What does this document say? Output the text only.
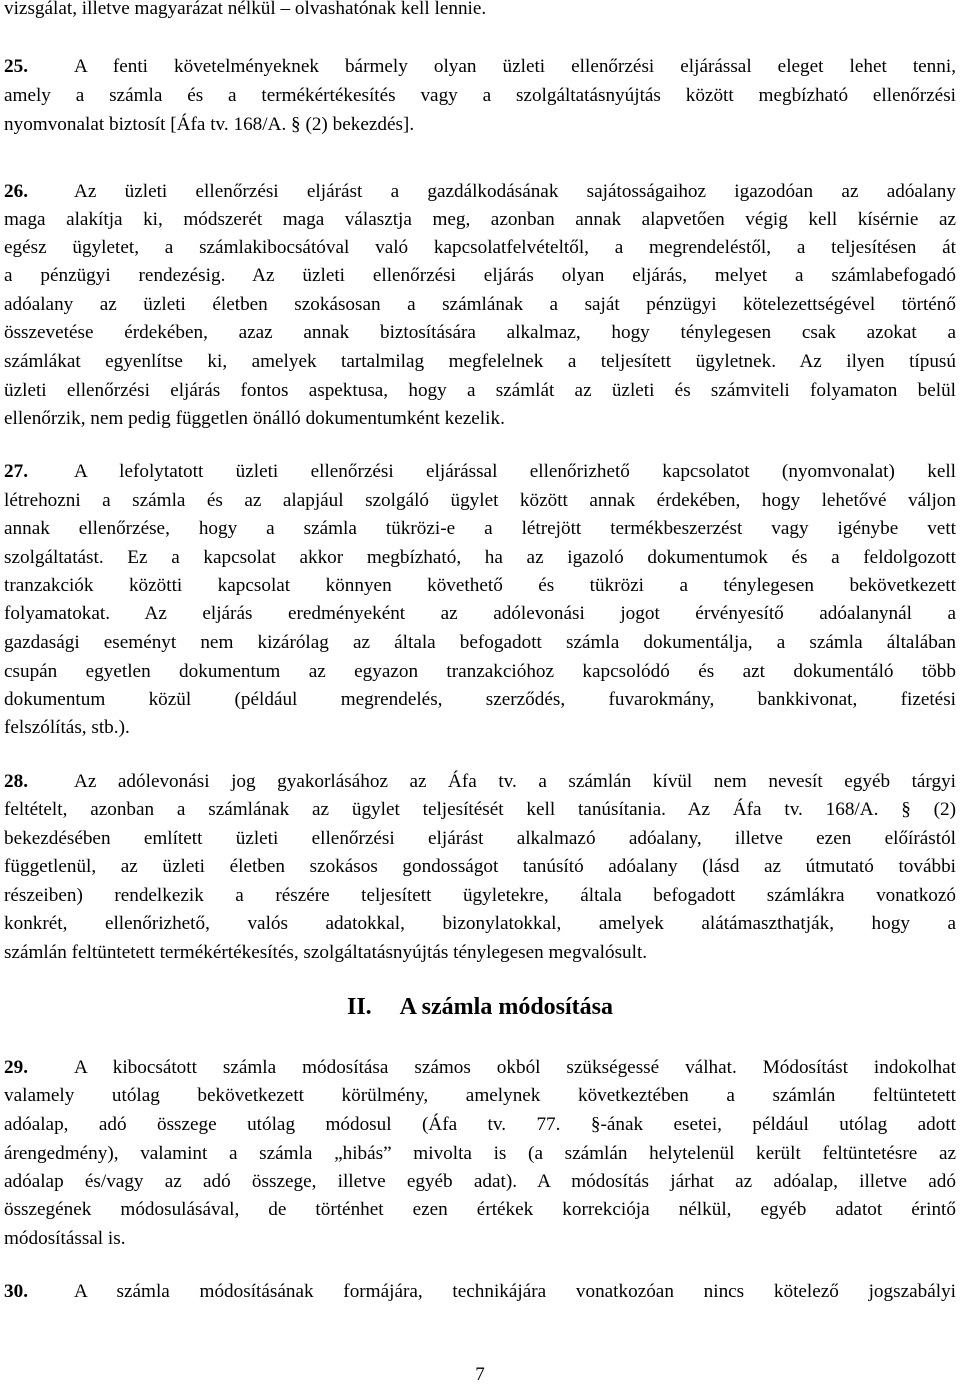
vizsgálat, illetve magyarázat nélkül – olvashatónak kell lennie.
25. A fenti követelményeknek bármely olyan üzleti ellenőrzési eljárással eleget lehet tenni,
amely a számla és a termékértékesítés vagy a szolgáltatásnyújtás között megbízható ellenőrzési
nyomvonalat biztosít [Áfa tv. 168/A. § (2) bekezdés].
26. Az üzleti ellenőrzési eljárást a gazdálkodásának sajátosságaihoz igazodóan az adóalany
maga alakítja ki, módszerét maga választja meg, azonban annak alapvetően végig kell kísérnie az
egész ügyletet, a számlakibocsátóval való kapcsolatfelvételtől, a megrendeléstől, a teljesítésen át
a pénzügyi rendezésig. Az üzleti ellenőrzési eljárás olyan eljárás, melyet a számlabefogadó
adóalany az üzleti életben szokásosan a számlának a saját pénzügyi kötelezettségével történő
összevetése érdekében, azaz annak biztosítására alkalmaz, hogy ténylegesen csak azokat a
számlákat egyenlítse ki, amelyek tartalmilag megfelelnek a teljesített ügyletnek. Az ilyen típusú
üzleti ellenőrzési eljárás fontos aspektusa, hogy a számlát az üzleti és számviteli folyamaton belül
ellenőrzik, nem pedig független önálló dokumentumként kezelik.
27. A lefolytatott üzleti ellenőrzési eljárással ellenőrizhető kapcsolatot (nyomvonalat) kell
létrehozni a számla és az alapjául szolgáló ügylet között annak érdekében, hogy lehetővé váljon
annak ellenőrzése, hogy a számla tükrözi-e a létrejött termékbeszerzést vagy igénybe vett
szolgáltatást. Ez a kapcsolat akkor megbízható, ha az igazoló dokumentumok és a feldolgozott
tranzakciók közötti kapcsolat könnyen követhető és tükrözi a ténylegesen bekövetkezett
folyamatokat. Az eljárás eredményeként az adólevonási jogot érvényesítő adóalanynál a
gazdasági eseményt nem kizárólag az általa befogadott számla dokumentálja, a számla általában
csupán egyetlen dokumentum az egyazon tranzakcióhoz kapcsolódó és azt dokumentáló több
dokumentum közül (például megrendelés, szerződés, fuvarokmány, bankkivonat, fizetési
felszólítás, stb.).
28. Az adólevonási jog gyakorlásához az Áfa tv. a számlán kívül nem nevesít egyéb tárgyi
feltételt, azonban a számlának az ügylet teljesítését kell tanúsítania. Az Áfa tv. 168/A. § (2)
bekezdésében említett üzleti ellenőrzési eljárást alkalmazó adóalany, illetve ezen előírástól
függetlenül, az üzleti életben szokásos gondosságot tanúsító adóalany (lásd az útmutató további
részeiben) rendelkezik a részére teljesített ügyletekre, általa befogadott számlákra vonatkozó
konkrét, ellenőrizhető, valós adatokkal, bizonylatokkal, amelyek alátámaszthatják, hogy a
számlán feltüntetett termékértékesítés, szolgáltatásnyújtás ténylegesen megvalósult.
II. A számla módosítása
29. A kibocsátott számla módosítása számos okból szükségessé válhat. Módosítást indokolhat
valamely utólag bekövetkezett körülmény, amelynek következtében a számlán feltüntetett
adóalap, adó összege utólag módosul (Áfa tv. 77. §-ának esetei, például utólag adott
árengedmény), valamint a számla „hibás” mivolta is (a számlán helytelenül került feltüntetésre az
adóalap és/vagy az adó összege, illetve egyéb adat). A módosítás járhat az adóalap, illetve adó
összegének módosulásával, de történhet ezen értékek korrekciója nélkül, egyéb adatot érintő
módosítással is.
30. A számla módosításának formájára, technikájára vonatkozóan nincs kötelező jogszabályi
7
